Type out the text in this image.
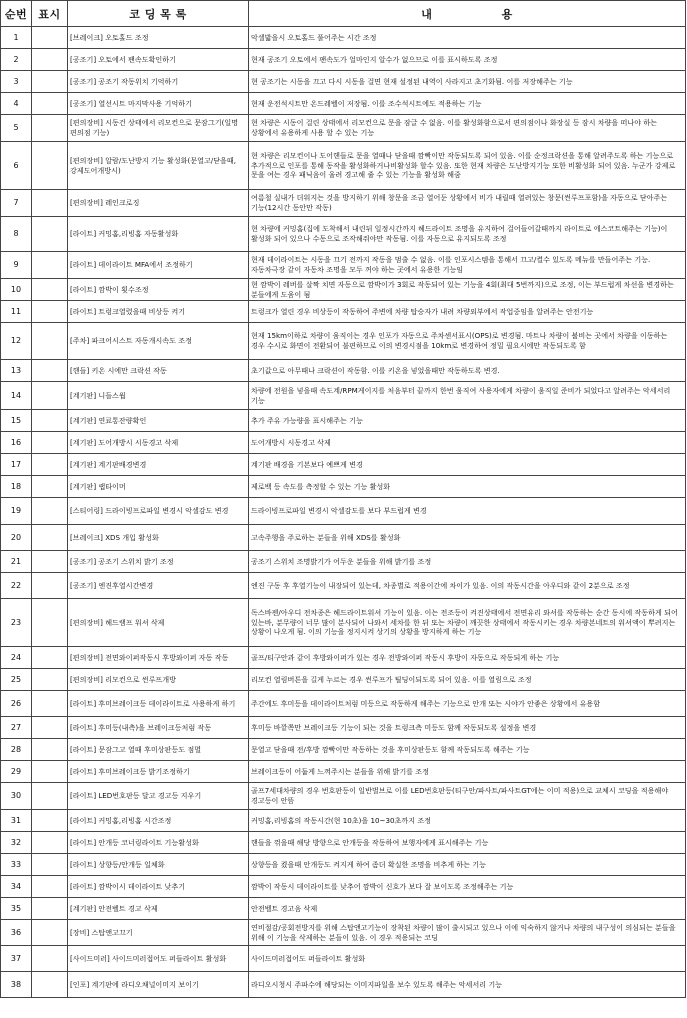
순번	표시	코 딩 목 록	내                용
1		[브레이크] 오토홀드 조정	악셀밟을시 오토홀드 풀어주는 시간 조정
2		[공조기] 오토에서 팬속도확인하기	현재 공조기 오토에서 팬속도가 얼마인지 알수가 없으므로 이를 표시하도록 조정
3		[공조기] 공조기 작동위치 기억하기	현 공조기는 시동을 끄고 다시 시동을 걸면 현재 설정된 내역이 사라지고 초기화됨. 이를 저장해주는 기능
4		[공조기] 열선시트 마지막사용 기억하기	현재 운전석시트만 온드레벨이 저장됨. 이를 조수석시트에도 적용하는 기능
5		[편의장비] 시동건 상태에서 리모컨으로 문잠그기(일명 편의점 기능)	현 차량은 시동이 걸린 상태에서 리모컨으로 문을 잠글 수 없음. 이를 활성화함으로서 편의점이나 화장실 등 잠시 차량을 떠나야 하는 상황에서 유용하게 사용 할 수 있는 기능
6		[편의장비] 알람/도난방지 기능 활성화(문열고/닫을때, 강제도어개방시)	현 차량은 리모컨이나 도어핸들로 문을 열때나 닫을때 깜빡이만 작동되도록 되어 있음. 이를 순정크락션을 통해 알려주도록 하는 기능으로 추가적으로 인포를 통해 동작을 활성화하거나비활성화 할수 있음. 또한 현재 차량은 도난방지기능 또한 비활성화 되어 있음. 누군가 강제로 문을 여는 경우 패닉음이 울려 경고해 줄 수 있는 기능을 활성화 해줌
7		[편의장비] 레인크로징	여름철 실내가 더워지는 것을 방지하기 위해 창문을 조금 열어둔 상황에서 비가 내릴때 열려있는 창문(썬루프포함)을 자동으로 닫아주는 기능(12시간 동안만 작동)
8		[라이트] 커밍홈,리빙홈 자동활성화	현 차량에 커밍홈(집에 도착해서 내린뒤 일정시간까지 헤드라이트 조명을 유지하여 걸어들어갈때까지 라이트로 에스코트해주는 기능)이 활성화 되어 있으나 수동으로 조작해줘야만 작동됨. 이를 자동으로 유지되도록 조정
9		[라이트] 데이라이트 MFA에서 조정하기	현재 데이라이트는 시동을 끄기 전까지 작동을 멈출 수 없음. 이를 인포시스템을 통해서 끄고/켤수 있도록 메뉴를 만들어주는 기능. 자동차극장 같이 자동차 조명을 모두 꺼야 하는 곳에서 유용한 기능임
10		[라이트] 깜박이 횟수조정	현 깜박이 레버를 살짝 치면 자동으로 깜박이가 3회로 작동되어 있는 기능을 4회(최대 5번까지)으로 조정, 이는 부드럽게 차선을 변경하는 분들에게 도움이 됨
11		[라이트] 트렁크열렸을때 비상등 켜기	트렁크가 열린 경우 비상등이 작동하여 주변에 차량 탑승자가 내려 차량외부에서 작업중임을 알려주는 안전기능
12		[주차] 파크어시스트 자동개시속도 조정	현재 15km이하로 차량이 움직이는 경우 인포가 자동으로 주차센서표시(OPS)로 변경됨. 마트나 차량이 붐비는 곳에서 차량을 이동하는 경우 수시로 화면이 전환되어 불편하므로 이의 변경시점을 10km로 변경하여 정밀 필요시에만 작동되도록 함
13		[핸들] 키온 시에만 크락션 작동	초기값으로 아무때나 크락션이 작동함. 이를 키온을 넣었을때만 작동하도록 변경.
14		[계기판] 니들스윕	차량에 전원을 넣을때 속도계/RPM게이지를 처음부터 끝까지 한번 움직여 사용자에게 차량이 움직일 준비가 되었다고 알려주는 악세서리 기능
15		[계기판] 연료통잔량확인	추가 주유 가능량을 표시해주는 기능
16		[계기판] 도어개방시 시동경고 삭제	도어개방시 시동경고 삭제
17		[계기판] 계기판배경변경	계기판 배경을 기본보다 예쁘게 변경
18		[계기판] 랩타이머	제로백 등 속도를 측정할 수 있는 기능 활성화
19		[스티어링] 드라이빙프로파일 변경시 악셀감도 변경	드라이빙프로파일 변경시 악셀감도를 보다 부드럽게 변경
20		[브레이크] XDS 개입 활성화	고속주행을 주로하는 분들을 위해 XDS를 활성화
21		[공조기] 공조기 스위치 밝기 조정	공조기 스위치 조명밝기가 어두운 분들을 위해 밝기를 조정
22		[공조기] 엔진후열시간변경	엔진 구동 후 후열기능이 내장되어 있는데, 차종별로 적용이간에 차이가 있음. 이의 작동시간을 아우디와 같이 2분으로 조정
23		[편의장비] 헤드램프 워셔 삭제	독스바젠/아우디 전차종은 헤드라이트워셔 기능이 있음. 이는 전조등이 켜진상태에서 전면유리 와셔를 작동하는 순간 동시에 작동하게 되어 있는바, 분무량이 너무 많이 분사되어 나와서 세차를 한 뒤 또는 차량이 깨끗한 상태에서 작동시키는 경우 차량본네트의 워셔액이 뿌려지는 상황이 나오게 됨. 이의 기능을 정지시켜 상기의 상황을 방지하게 하는 기능
24		[편의장비] 전면와이퍼작동시 후방와이퍼 자동 작동	골프/티구안과 같이 후방와이퍼가 있는 경우 전방와이퍼 작동시 후방이 자동으로 작동되게 하는 기능
25		[편의장비] 리모컨으로 썬루프개방	리모컨 열림버튼을 길게 누르는 경우 썬루프가 틸딩이되도록 되어 있음. 이를 열림으로 조정
26		[라이트] 후미브레이크등 데이라이트로 사용하게 하기	주간에도 후미등을 데이라이트처럼 미등으로 작동하게 해주는 기능으로 안개 또는 시야가 안좋은 상황에서 유용함
27		[라이트] 후미등(내측)을 브레이크등처럼 작동	후미등 바깥쪽만 브레이크등 기능이 되는 것을 트렁크측 미등도 함께 작동되도록 설정을 변경
28		[라이트] 문잠그고 열때 후미상판등도 점멸	문열고 닫을때 전/후방 깜빡이만 작동하는 것을 후미상판등도 함께 작동되도록 해주는 기능
29		[라이트] 후미브레이크등 밝기조정하기	브레이크등이 어둡게 느껴주시는 분들을 위해 밝기를 조정
30		[라이트] LED번호판등 달고 경고등 지우기	골프7세대차량의 경우 번호판등이 일반벌브로 이를 LED번호판등(티구안/파사트/파사트GT에는 이미 적용)으로 교체시 코딩을 적용해야 경고등이 안뜸
31		[라이트] 커밍홈,리빙홈 시간조정	커밍홈,리빙홈의 작동시간(현 10초)을 10~30초까지 조정
32		[라이트] 안개등 코너링라이트 기능활성화	핸들을 꺾을때 해당 방향으로 안개등을 작동하여 보행자에게 표시해주는 기능
33		[라이트] 상향등/안개등 일체화	상향등을 켰을때 안개등도 켜지게 하여 좀더 확실한 조명을 비추게 하는 기능
34		[라이트] 깜박이시 데이라이트 낮추기	깜박이 작동시 데이라이트를 낮추어 깜박이 신호가 보다 잘 보이도록 조정해주는 기능
35		[계기판] 안전벨트 경고 삭제	안전벨트 경고음 삭제
36		[장비] 스탑앤고끄기	연비절감/공회전방지를 위해 스탑앤고기능이 장착된 차량이 많이 출시되고 있으나 이에 익숙하지 않거나 차량의 내구성이 의심되는 분들을 위해 이 기능을 삭제하는 분들이 있음. 이 경우 적용되는 코딩
37		[사이드미러] 사이드미러접어도 퍼들라이트 활성화	사이드미러접어도 퍼들라이트 활성화
38		[인포] 계기판에 라디오채널이미지 보이기	라디오시청시 주파수에 해당되는 이미지파일을 보수 있도록 해주는 악세서리 기능
